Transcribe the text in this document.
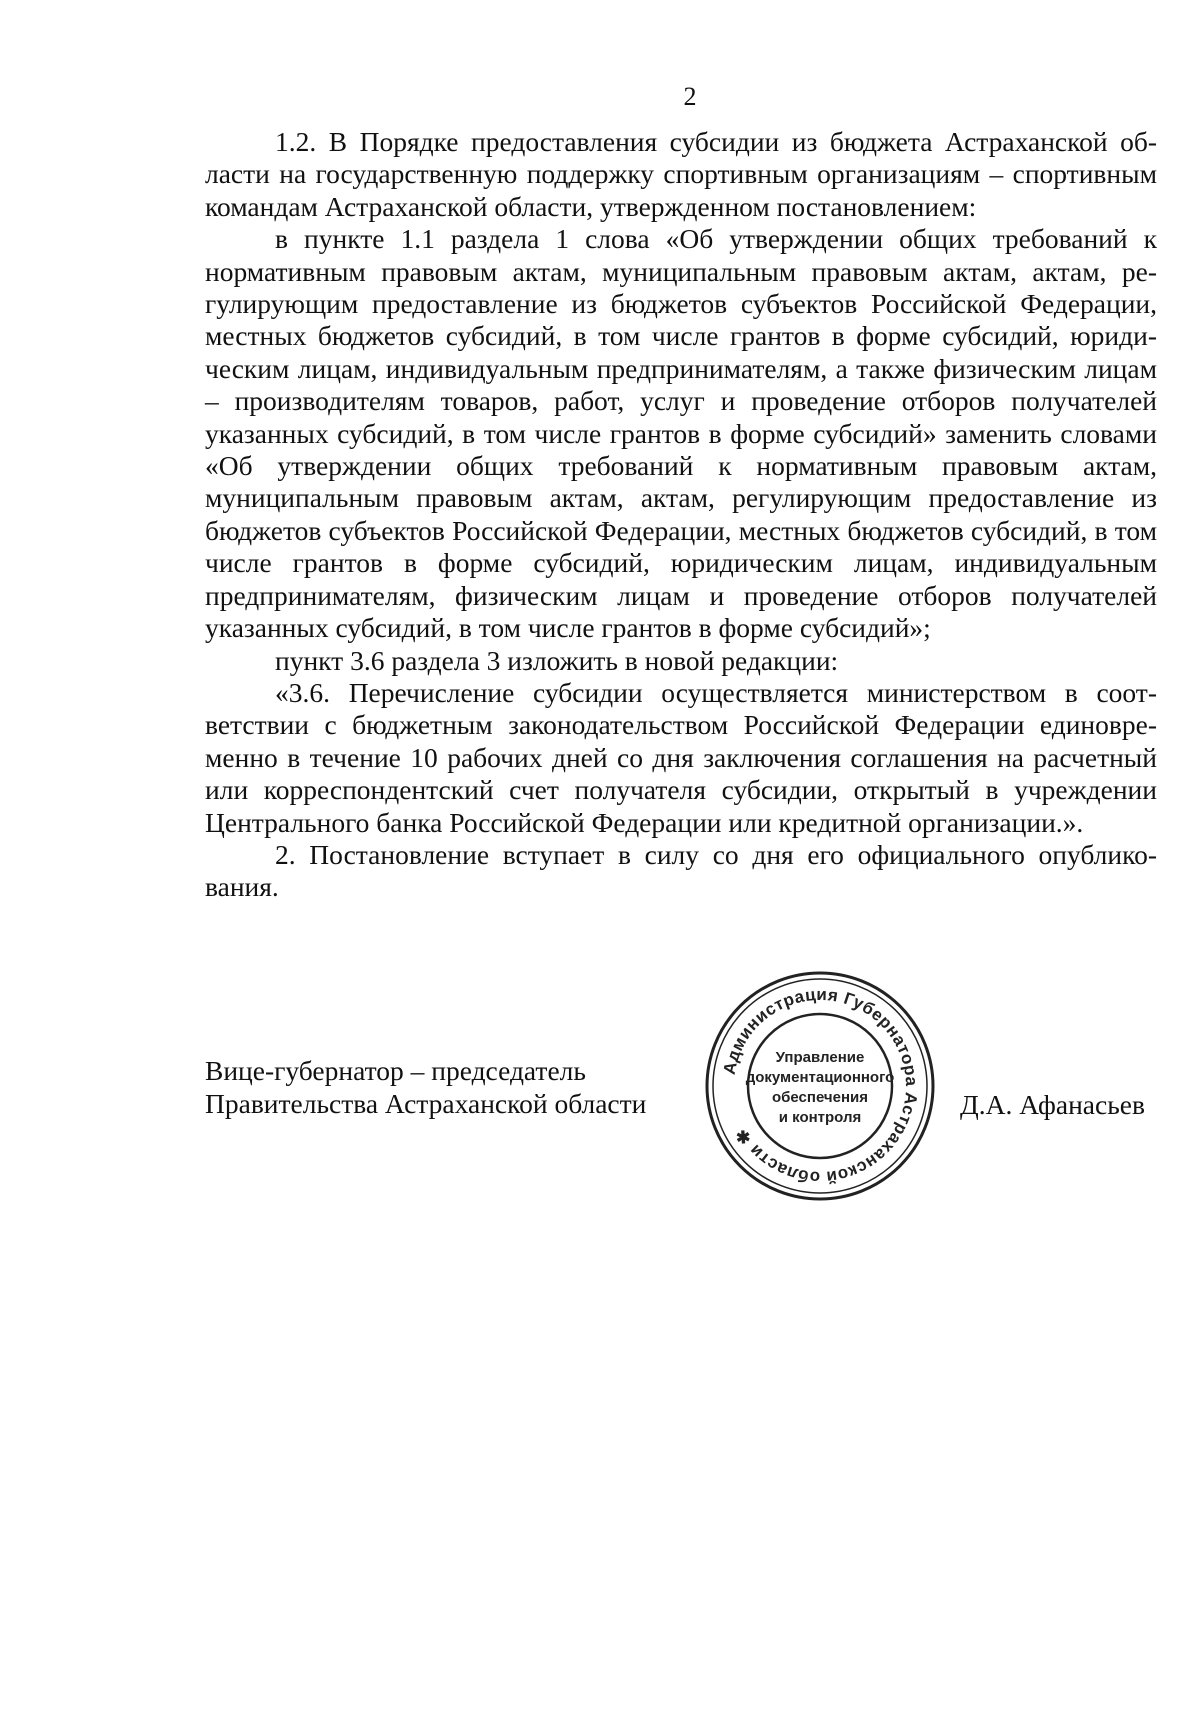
2

1.2. В Порядке предоставления субсидии из бюджета Астраханской области на государственную поддержку спортивным организациям – спортивным командам Астраханской области, утвержденном постановлением:

в пункте 1.1 раздела 1 слова «Об утверждении общих требований к нормативным правовым актам, муниципальным правовым актам, актам, регулирующим предоставление из бюджетов субъектов Российской Федерации, местных бюджетов субсидий, в том числе грантов в форме субсидий, юридическим лицам, индивидуальным предпринимателям, а также физическим лицам – производителям товаров, работ, услуг и проведение отборов получателей указанных субсидий, в том числе грантов в форме субсидий» заменить словами «Об утверждении общих требований к нормативным правовым актам, муниципальным правовым актам, актам, регулирующим предоставление из бюджетов субъектов Российской Федерации, местных бюджетов субсидий, в том числе грантов в форме субсидий, юридическим лицам, индивидуальным предпринимателям, физическим лицам и проведение отборов получателей указанных субсидий, в том числе грантов в форме субсидий»;

пункт 3.6 раздела 3 изложить в новой редакции:

«3.6. Перечисление субсидии осуществляется министерством в соответствии с бюджетным законодательством Российской Федерации единовременно в течение 10 рабочих дней со дня заключения соглашения на расчетный или корреспондентский счет получателя субсидии, открытый в учреждении Центрального банка Российской Федерации или кредитной организации.».

2. Постановление вступает в силу со дня его официального опубликования.

Вице-губернатор – председатель
Правительства Астраханской области
Администрация Губернатора Астраханской области ✱
Управление
документационного
обеспечения
и контроля	Д.А. Афанасьев
